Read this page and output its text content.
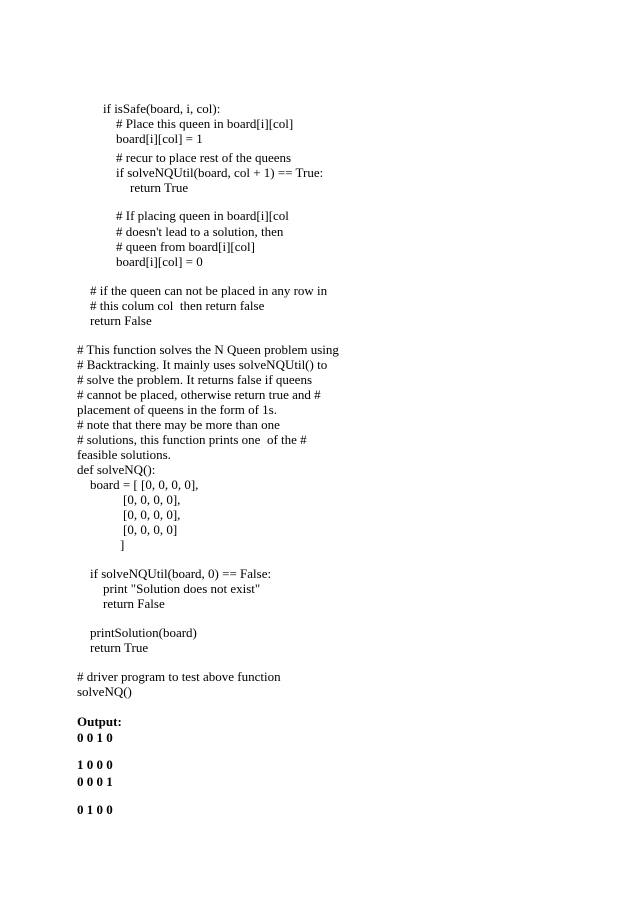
if isSafe(board, i, col):
# Place this queen in board[i][col]
board[i][col] = 1
# recur to place rest of the queens
if solveNQUtil(board, col + 1) == True:
return True
# If placing queen in board[i][col
# doesn't lead to a solution, then
# queen from board[i][col]
board[i][col] = 0
# if the queen can not be placed in any row in
# this colum col  then return false
return False
# This function solves the N Queen problem using
# Backtracking. It mainly uses solveNQUtil() to
# solve the problem. It returns false if queens
# cannot be placed, otherwise return true and #
placement of queens in the form of 1s.
# note that there may be more than one
# solutions, this function prints one  of the #
feasible solutions.
def solveNQ():
board = [ [0, 0, 0, 0],
[0, 0, 0, 0],
[0, 0, 0, 0],
[0, 0, 0, 0]
]
if solveNQUtil(board, 0) == False:
print "Solution does not exist"
return False
printSolution(board)
return True
# driver program to test above function
solveNQ()
Output:
0 0 1 0
1 0 0 0
0 0 0 1
0 1 0 0
